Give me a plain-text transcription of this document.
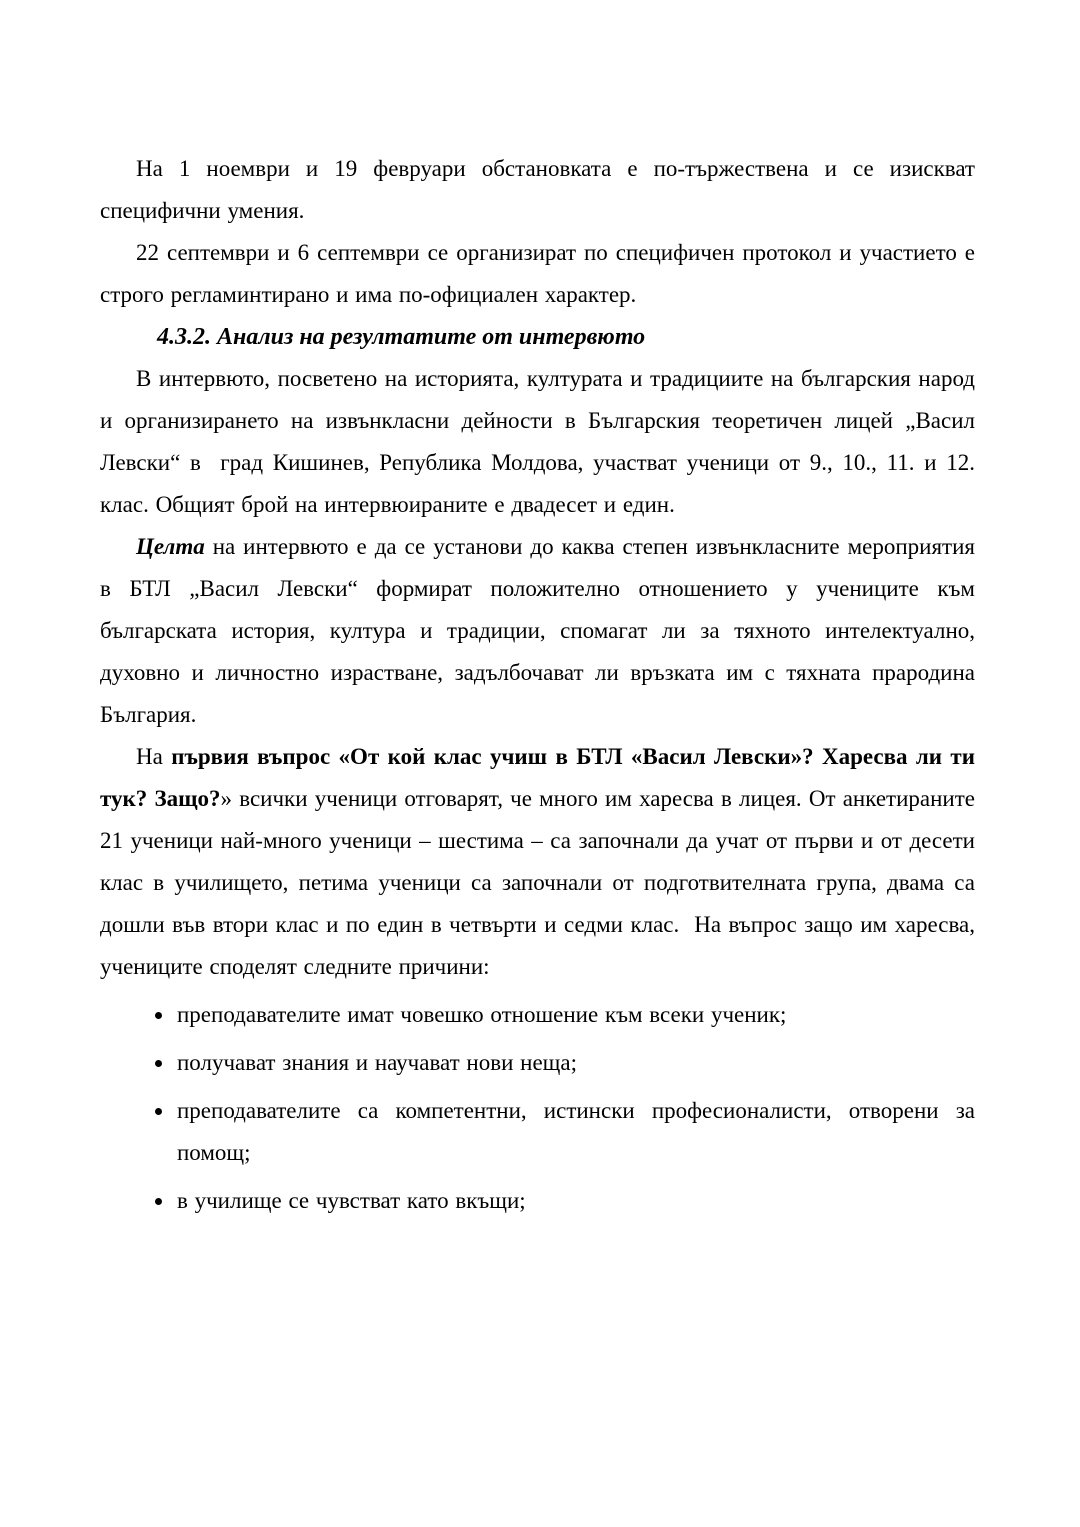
На 1 ноември и 19 февруари обстановката е по-тържествена и се изискват специфични умения.

22 септември и 6 септември се организират по специфичен протокол и участието е строго регламинтирано и има по-официален характер.

4.3.2. Анализ на резултатите от интервюто

В интервюто, посветено на историята, културата и традициите на българския народ и организирането на извънкласни дейности в Българския теоретичен лицей „Васил Левски“ в  град Кишинев, Република Молдова, участват ученици от 9., 10., 11. и 12. клас. Общият брой на интервюираните е двадесет и един.

Целта на интервюто е да се установи до каква степен извънкласните мероприятия в БТЛ „Васил Левски“ формират положително отношението у учениците към българската история, култура и традиции, спомагат ли за тяхното интелектуално, духовно и личностно израстване, задълбочават ли връзката им с тяхната прародина България.

На първия въпрос «От кой клас учиш в БТЛ «Васил Левски»? Харесва ли ти тук? Защо?» всички ученици отговарят, че много им харесва в лицея. От анкетираните 21 ученици най-много ученици – шестима – са започнали да учат от първи и от десети клас в училището, петима ученици са започнали от подготвителната група, двама са дошли във втори клас и по един в четвърти и седми клас.  На въпрос защо им харесва, учениците споделят следните причини:

• преподавателите имат човешко отношение към всеки ученик;
• получават знания и научават нови неща;
• преподавателите са компетентни, истински професионалисти, отворени за помощ;
• в училище се чувстват като вкъщи;
